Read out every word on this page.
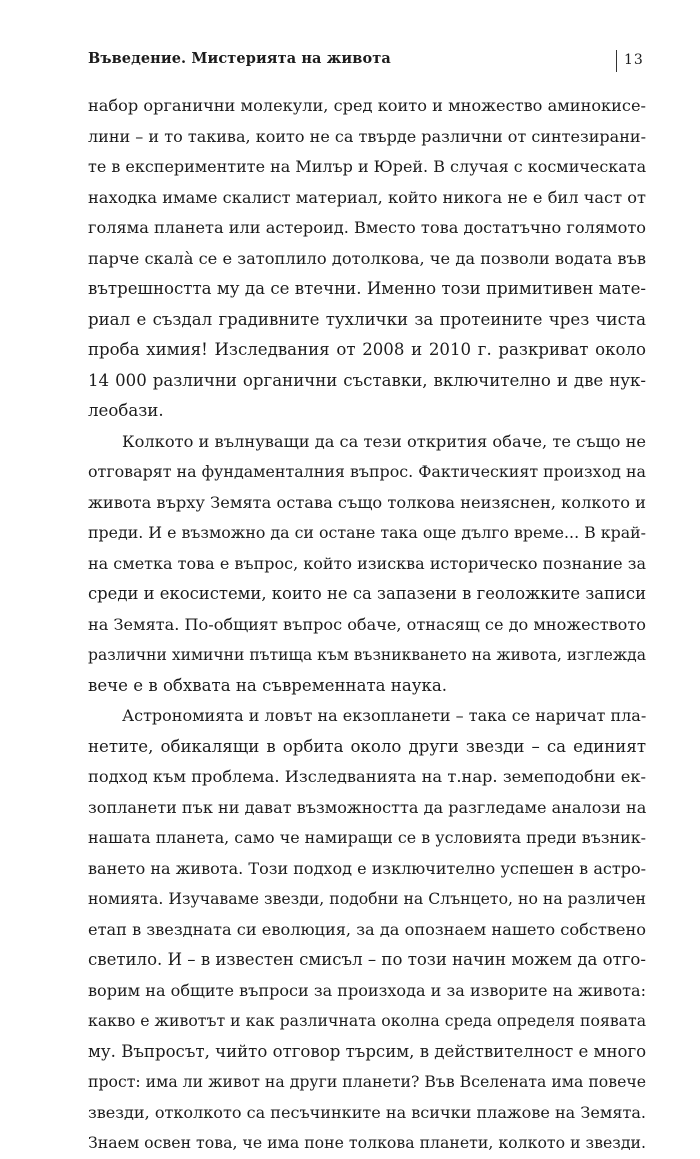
Въведение. Мистерията на живота	13
набор органични молекули, сред които и множество аминокисе-
лини – и то такива, които не са твърде различни от синтезирани-
те в експериментите на Милър и Юрей. В случая с космическата
находка имаме скалист материал, който никога не е бил част от
голяма планета или астероид. Вместо това достатъчно голямото
парче скалà се е затоплило дотолкова, че да позволи водата във
вътрешността му да се втечни. Именно този примитивен мате-
риал е създал градивните тухлички за протеините чрез чиста
проба химия! Изследвания от 2008 и 2010 г. разкриват около
14 000 различни органични съставки, включително и две нук-
леобази.
Колкото и вълнуващи да са тези открития обаче, те също не
отговарят на фундаменталния въпрос. Фактическият произход на
живота върху Земята остава също толкова неизяснен, колкото и
преди. И е възможно да си остане така още дълго време... В край-
на сметка това е въпрос, който изисква историческо познание за
среди и екосистеми, които не са запазени в геоложките записи
на Земята. По-общият въпрос обаче, отнасящ се до множеството
различни химични пътища към възникването на живота, изглежда
вече е в обхвата на съвременната наука.
Астрономията и ловът на екзопланети – така се наричат пла-
нетите, обикалящи в орбита около други звезди – са единият
подход към проблема. Изследванията на т.нар. земеподобни ек-
зопланети пък ни дават възможността да разгледаме аналози на
нашата планета, само че намиращи се в условията преди възник-
ването на живота. Този подход е изключително успешен в астро-
номията. Изучаваме звезди, подобни на Слънцето, но на различен
етап в звездната си еволюция, за да опознаем нашето собствено
светило. И – в известен смисъл – по този начин можем да отго-
ворим на общите въпроси за произхода и за изворите на живота:
какво е животът и как различната околна среда определя появата
му. Въпросът, чийто отговор търсим, в действителност е много
прост: има ли живот на други планети? Във Вселената има повече
звезди, отколкото са песъчинките на всички плажове на Земята.
Знаем освен това, че има поне толкова планети, колкото и звезди.
